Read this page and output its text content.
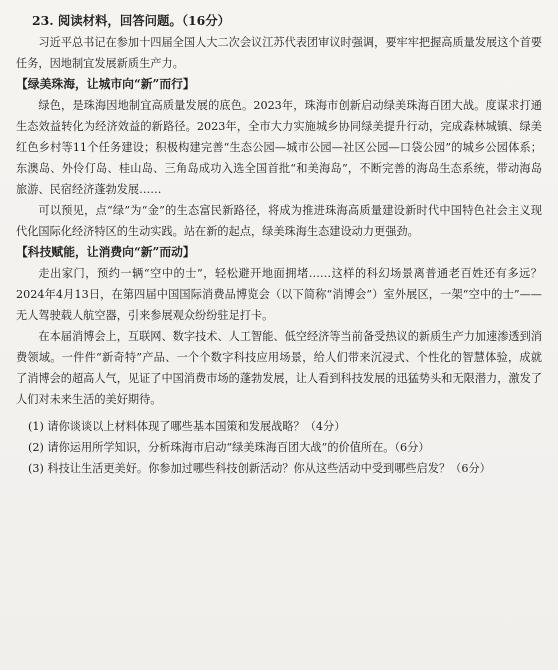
23. 阅读材料，回答问题。（16分）

习近平总书记在参加十四届全国人大二次会议江苏代表团审议时强调，要牢牢把握高质量发展这个首要任务，因地制宜发展新质生产力。

【绿美珠海，让城市向“新”而行】

绿色，是珠海因地制宜高质量发展的底色。2023年，珠海市创新启动绿美珠海百团大战。度谋求打通生态效益转化为经济效益的新路径。2023年，全市大力实施城乡协同绿美提升行动，完成森林城镇、绿美红色乡村等11个任务建设；积极构建完善“生态公园—城市公园—社区公园—口袋公园”的城乡公园体系；东澳岛、外伶仃岛、桂山岛、三角岛成功入选全国首批“和美海岛”，不断完善的海岛生态系统，带动海岛旅游、民宿经济蓬勃发展……

可以预见，点“绿”为“金”的生态富民新路径，将成为推进珠海高质量建设新时代中国特色社会主义现代化国际化经济特区的生动实践。站在新的起点，绿美珠海生态建设动力更强劲。

【科技赋能，让消费向“新”而动】

走出家门，预约一辆“空中的士”，轻松避开地面拥堵……这样的科幻场景离普通老百姓还有多远？2024年4月13日，在第四届中国国际消费品博览会（以下简称“消博会”）室外展区，一架“空中的士”——无人驾驶载人航空器，引来参展观众纷纷驻足打卡。

在本届消博会上，互联网、数字技术、人工智能、低空经济等当前备受热议的新质生产力加速渗透到消费领域。一件件“新奇特”产品、一个个数字科技应用场景，给人们带来沉浸式、个性化的智慧体验，成就了消博会的超高人气，见证了中国消费市场的蓬勃发展，让人看到科技发展的迅猛势头和无限潜力，激发了人们对未来生活的美好期待。

(1) 请你谈谈以上材料体现了哪些基本国策和发展战略？（4分）
(2) 请你运用所学知识，分析珠海市启动“绿美珠海百团大战”的价值所在。（6分）
(3) 科技让生活更美好。你参加过哪些科技创新活动？你从这些活动中受到哪些启发？（6分）
